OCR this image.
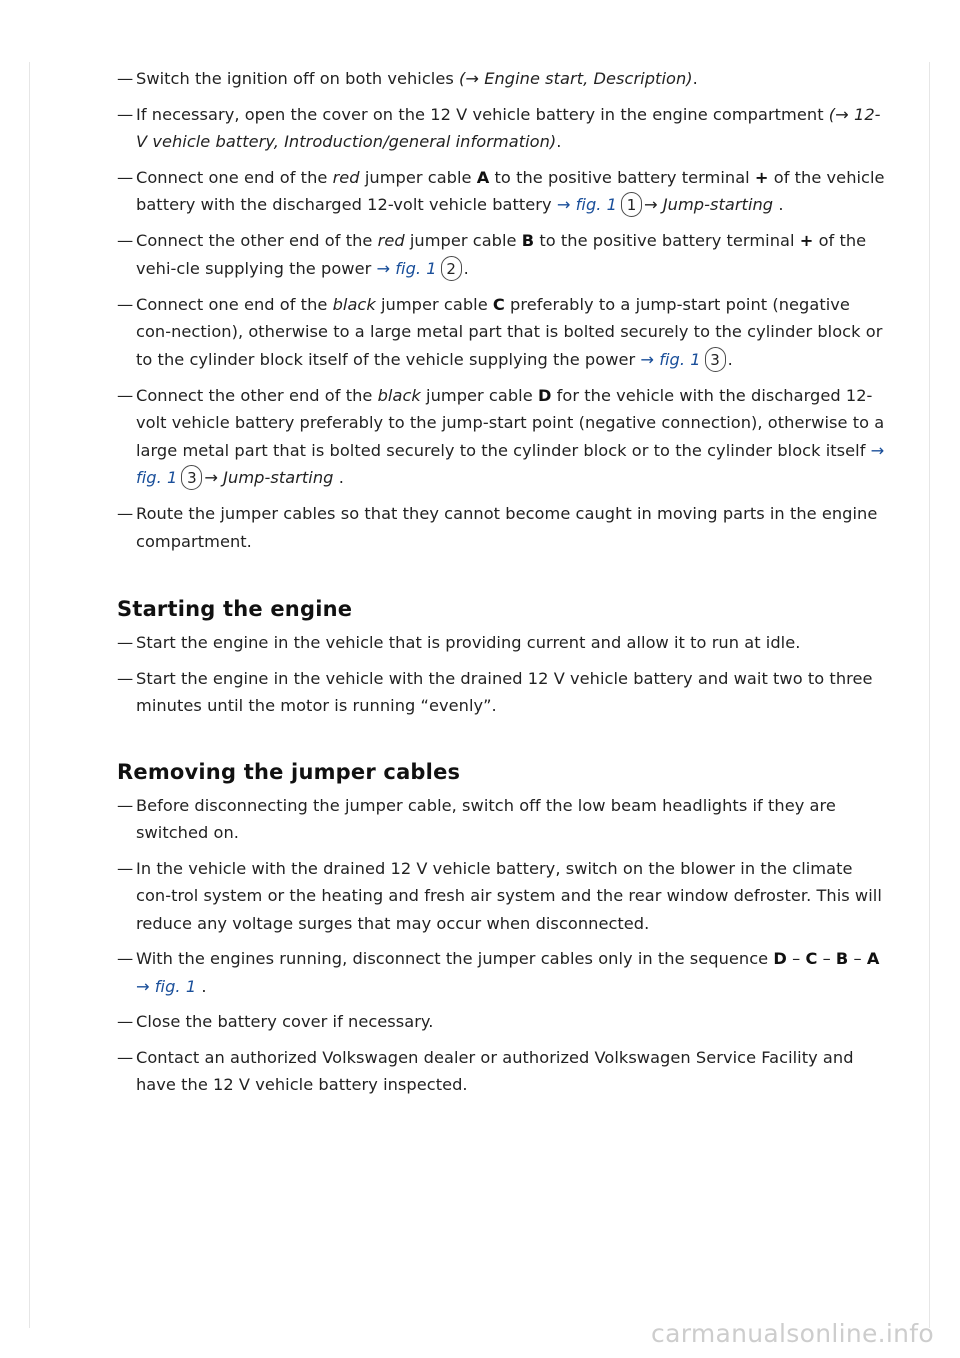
— Switch the ignition off on both vehicles (→ Engine start, Description).
— If necessary, open the cover on the 12 V vehicle battery in the engine compartment (→ 12-V vehicle battery, Introduction/general information).
— Connect one end of the red jumper cable A to the positive battery terminal + of the vehicle battery with the discharged 12-volt vehicle battery → fig. 1 1 → Jump-starting .
— Connect the other end of the red jumper cable B to the positive battery terminal + of the vehi-cle supplying the power → fig. 1 2 .
— Connect one end of the black jumper cable C preferably to a jump-start point (negative con-nection), otherwise to a large metal part that is bolted securely to the cylinder block or to the cylinder block itself of the vehicle supplying the power → fig. 1 3 .
— Connect the other end of the black jumper cable D for the vehicle with the discharged 12-volt vehicle battery preferably to the jump-start point (negative connection), otherwise to a large metal part that is bolted securely to the cylinder block or to the cylinder block itself → fig. 1 3 → Jump-starting .
— Route the jumper cables so that they cannot become caught in moving parts in the engine compartment.
Starting the engine
— Start the engine in the vehicle that is providing current and allow it to run at idle.
— Start the engine in the vehicle with the drained 12 V vehicle battery and wait two to three minutes until the motor is running “evenly”.
Removing the jumper cables
— Before disconnecting the jumper cable, switch off the low beam headlights if they are switched on.
— In the vehicle with the drained 12 V vehicle battery, switch on the blower in the climate con-trol system or the heating and fresh air system and the rear window defroster. This will reduce any voltage surges that may occur when disconnected.
— With the engines running, disconnect the jumper cables only in the sequence D – C – B – A
→ fig. 1 .
— Close the battery cover if necessary.
— Contact an authorized Volkswagen dealer or authorized Volkswagen Service Facility and have the 12 V vehicle battery inspected.
carmanualsonline.info
